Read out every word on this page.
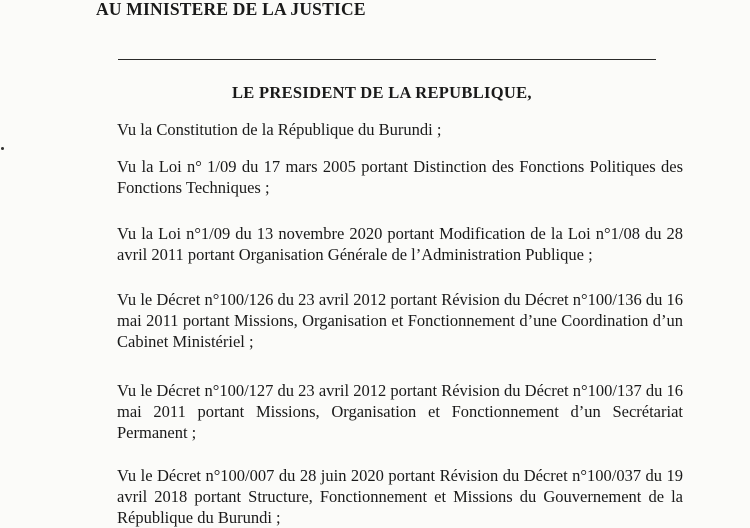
AU MINISTERE DE LA JUSTICE
LE PRESIDENT DE LA REPUBLIQUE,

Vu la Constitution de la République du Burundi ;

Vu la Loi n° 1/09 du 17 mars 2005 portant Distinction des Fonctions Politiques des Fonctions Techniques ;

Vu la Loi n°1/09 du 13 novembre 2020 portant Modification de la Loi n°1/08 du 28 avril 2011 portant Organisation Générale de l’Administration Publique ;

Vu le Décret n°100/126 du 23 avril 2012 portant Révision du Décret n°100/136 du 16 mai 2011 portant Missions, Organisation et Fonctionnement d’une Coordination d’un Cabinet Ministériel ;

Vu le Décret n°100/127 du 23 avril 2012 portant Révision du Décret n°100/137 du 16 mai 2011 portant Missions, Organisation et Fonctionnement d’un Secrétariat Permanent ;

Vu le Décret n°100/007 du 28 juin 2020 portant Révision du Décret n°100/037 du 19 avril 2018 portant Structure, Fonctionnement et Missions du Gouvernement de la République du Burundi ;
